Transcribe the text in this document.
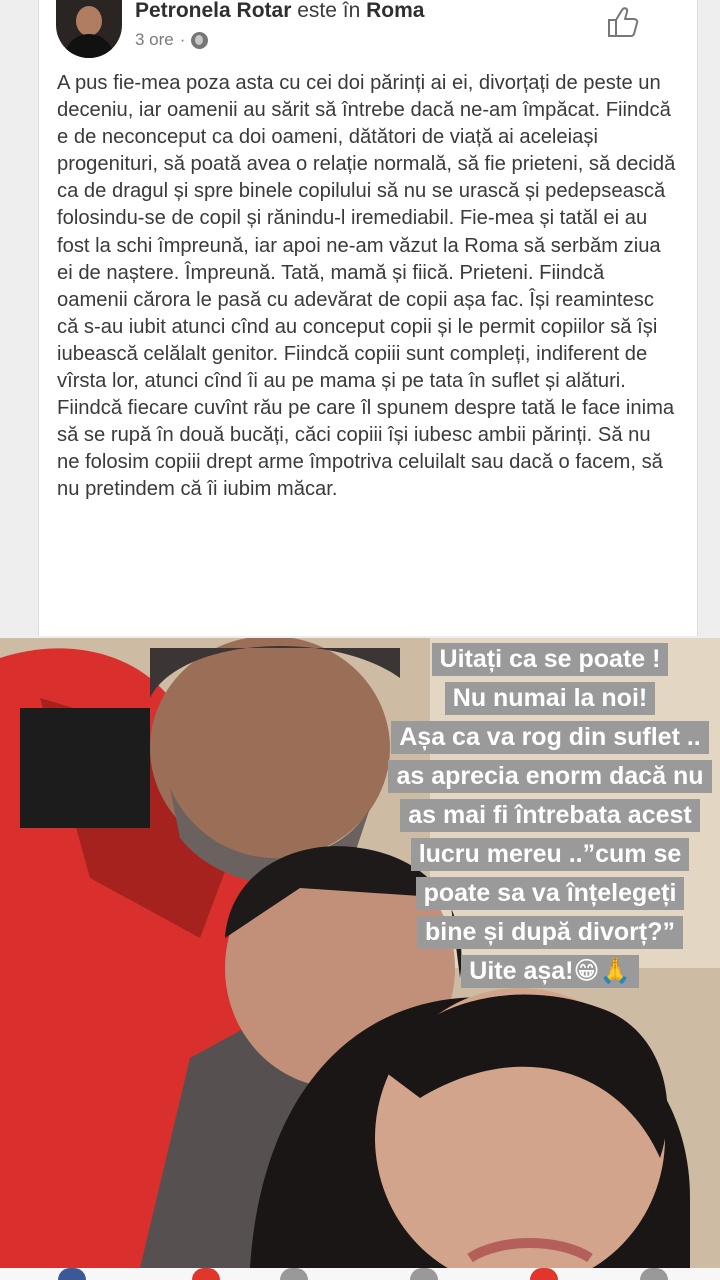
Petronela Rotar este în Roma
3 ore ·

A pus fie-mea poza asta cu cei doi părinți ai ei, divorțați de peste un deceniu, iar oamenii au sărit să întrebe dacă ne-am împăcat. Fiindcă e de neconceput ca doi oameni, dătători de viață ai aceleiași progenituri, să poată avea o relație normală, să fie prieteni, să decidă ca de dragul și spre binele copilului să nu se urască și pedepsească folosindu-se de copil și rănindu-l iremediabil. Fie-mea și tatăl ei au fost la schi împreună, iar apoi ne-am văzut la Roma să serbăm ziua ei de naștere. Împreună. Tată, mamă și fiică. Prieteni. Fiindcă oamenii cărora le pasă cu adevărat de copii așa fac. Își reamintesc că s-au iubit atunci cînd au conceput copii și le permit copiilor să își iubească celălalt genitor. Fiindcă copiii sunt compleți, indiferent de vîrsta lor, atunci cînd îi au pe mama și pe tata în suflet și alături. Fiindcă fiecare cuvînt rău pe care îl spunem despre tată le face inima să se rupă în două bucăți, căci copiii își iubesc ambii părinți. Să nu ne folosim copiii drept arme împotriva celuilalt sau dacă o facem, să nu pretindem că îi iubim măcar.

Uitați ca se poate !
Nu numai la noi!
Așa ca va rog din suflet ..
as aprecia enorm dacă nu
as mai fi întrebata acest
lucru mereu ..”cum se
poate sa va înțelegeți
bine și după divorț?”
Uite așa!😁🙏
